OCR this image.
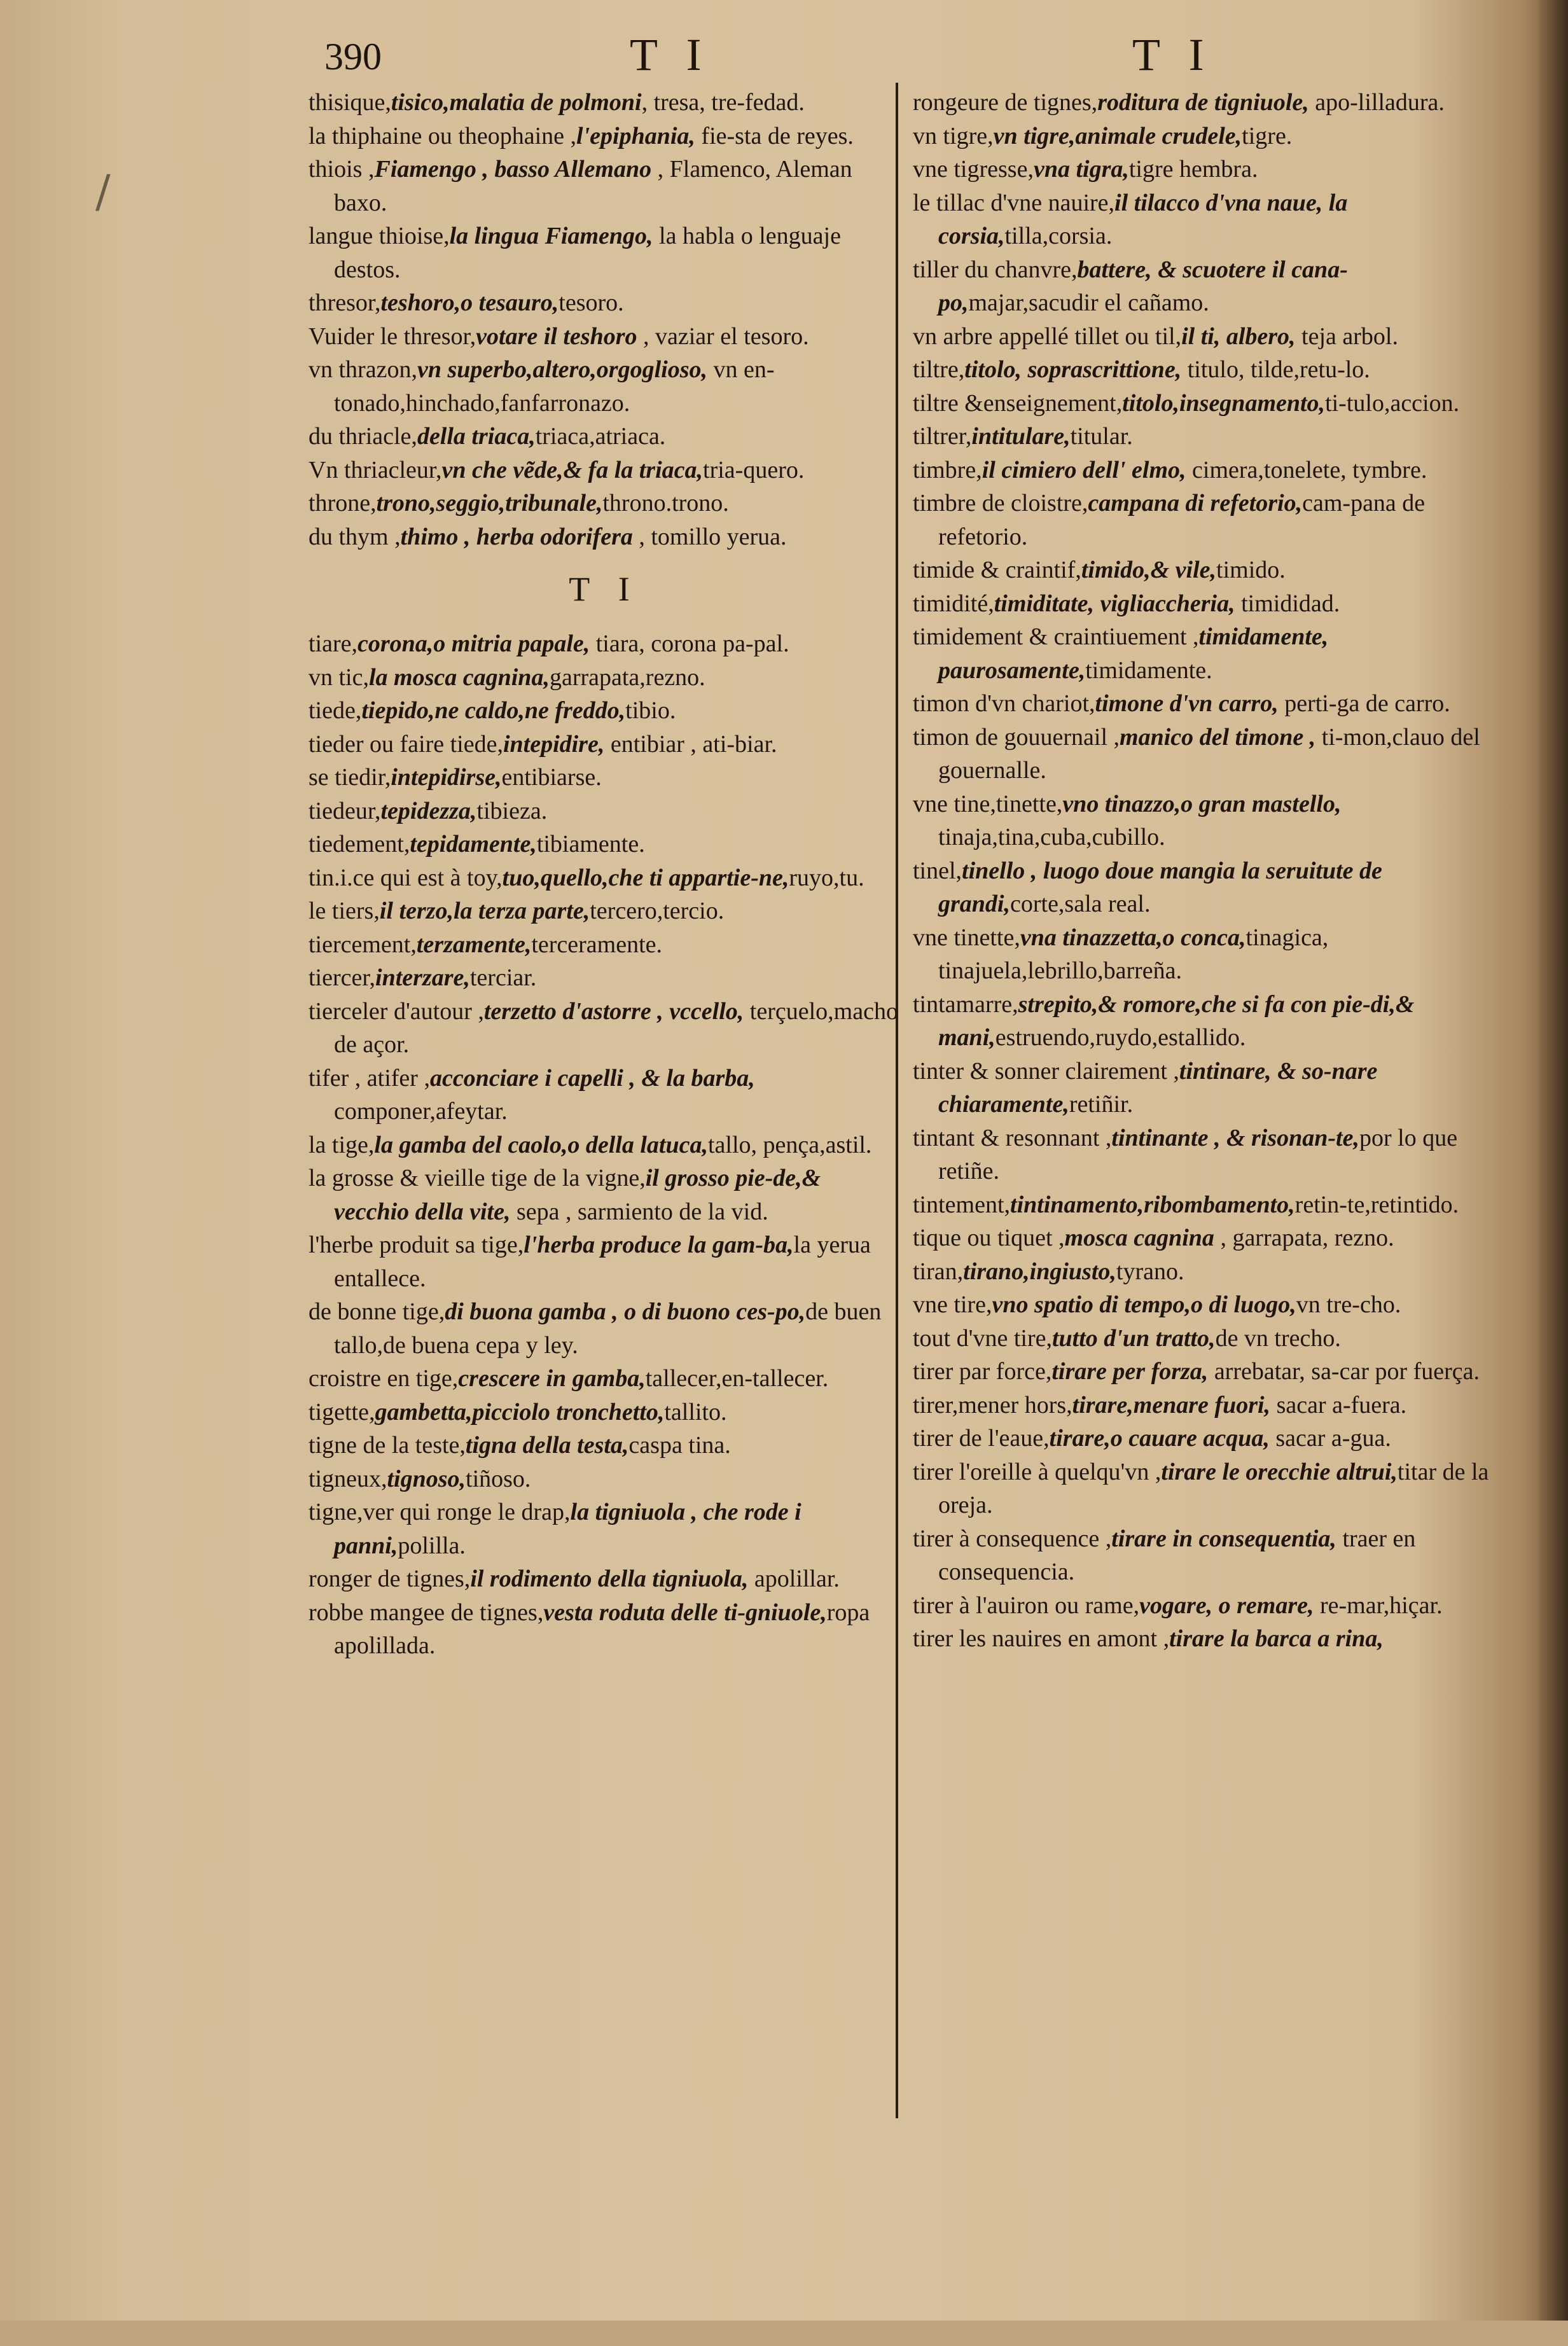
390	T I	T I
/

thisique,tisico,malatia de polmoni, tresa, tre-fedad.

la thiphaine ou theophaine ,l'epiphania, fie-sta de reyes.

thiois ,Fiamengo , basso Allemano , Flamenco, Aleman baxo.

langue thioise,la lingua Fiamengo, la habla o lenguaje destos.

thresor,teshoro,o tesauro,tesoro.

Vuider le thresor,votare il teshoro , vaziar el tesoro.

vn thrazon,vn superbo,altero,orgoglioso, vn en-tonado,hinchado,fanfarronazo.

du thriacle,della triaca,triaca,atriaca.

Vn thriacleur,vn che vẽde,& fa la triaca,tria-quero.

throne,trono,seggio,tribunale,throno.trono.

du thym ,thimo , herba odorifera , tomillo yerua.

T I

tiare,corona,o mitria papale, tiara, corona pa-pal.

vn tic,la mosca cagnina,garrapata,rezno.

tiede,tiepido,ne caldo,ne freddo,tibio.

tieder ou faire tiede,intepidire, entibiar , ati-biar.

se tiedir,intepidirse,entibiarse.

tiedeur,tepidezza,tibieza.

tiedement,tepidamente,tibiamente.

tin.i.ce qui est à toy,tuo,quello,che ti appartie-ne,ruyo,tu.

le tiers,il terzo,la terza parte,tercero,tercio.

tiercement,terzamente,terceramente.

tiercer,interzare,terciar.

tierceler d'autour ,terzetto d'astorre , vccello, terçuelo,macho de açor.

tifer , atifer ,acconciare i capelli , & la barba, componer,afeytar.

la tige,la gamba del caolo,o della latuca,tallo, pença,astil.

la grosse & vieille tige de la vigne,il grosso pie-de,& vecchio della vite, sepa , sarmiento de la vid.

l'herbe produit sa tige,l'herba produce la gam-ba,la yerua entallece.

de bonne tige,di buona gamba , o di buono ces-po,de buen tallo,de buena cepa y ley.

croistre en tige,crescere in gamba,tallecer,en-tallecer.

tigette,gambetta,picciolo tronchetto,tallito.

tigne de la teste,tigna della testa,caspa tina.

tigneux,tignoso,tiñoso.

tigne,ver qui ronge le drap,la tigniuola , che rode i panni,polilla.

ronger de tignes,il rodimento della tigniuola, apolillar.

robbe mangee de tignes,vesta roduta delle ti-gniuole,ropa apolillada.

rongeure de tignes,roditura de tigniuole, apo-lilladura.

vn tigre,vn tigre,animale crudele,tigre.

vne tigresse,vna tigra,tigre hembra.

le tillac d'vne nauire,il tilacco d'vna naue, la corsia,tilla,corsia.

tiller du chanvre,battere, & scuotere il cana-po,majar,sacudir el cañamo.

vn arbre appellé tillet ou til,il ti, albero, teja arbol.

tiltre,titolo, soprascrittione, titulo, tilde,retu-lo.

tiltre &enseignement,titolo,insegnamento,ti-tulo,accion.

tiltrer,intitulare,titular.

timbre,il cimiero dell' elmo, cimera,tonelete, tymbre.

timbre de cloistre,campana di refetorio,cam-pana de refetorio.

timide & craintif,timido,& vile,timido.

timidité,timiditate, vigliaccheria, timididad.

timidement & craintiuement ,timidamente, paurosamente,timidamente.

timon d'vn chariot,timone d'vn carro, perti-ga de carro.

timon de gouuernail ,manico del timone , ti-mon,clauo del gouernalle.

vne tine,tinette,vno tinazzo,o gran mastello, tinaja,tina,cuba,cubillo.

tinel,tinello , luogo doue mangia la seruitute de grandi,corte,sala real.

vne tinette,vna tinazzetta,o conca,tinagica, tinajuela,lebrillo,barreña.

tintamarre,strepito,& romore,che si fa con pie-di,& mani,estruendo,ruydo,estallido.

tinter & sonner clairement ,tintinare, & so-nare chiaramente,retiñir.

tintant & resonnant ,tintinante , & risonan-te,por lo que retiñe.

tintement,tintinamento,ribombamento,retin-te,retintido.

tique ou tiquet ,mosca cagnina , garrapata, rezno.

tiran,tirano,ingiusto,tyrano.

vne tire,vno spatio di tempo,o di luogo,vn tre-cho.

tout d'vne tire,tutto d'un tratto,de vn trecho.

tirer par force,tirare per forza, arrebatar, sa-car por fuerça.

tirer,mener hors,tirare,menare fuori, sacar a-fuera.

tirer de l'eaue,tirare,o cauare acqua, sacar a-gua.

tirer l'oreille à quelqu'vn ,tirare le orecchie altrui,titar de la oreja.

tirer à consequence ,tirare in consequentia, traer en consequencia.

tirer à l'auiron ou rame,vogare, o remare, re-mar,hiçar.

tirer les nauires en amont ,tirare la barca a rina,
